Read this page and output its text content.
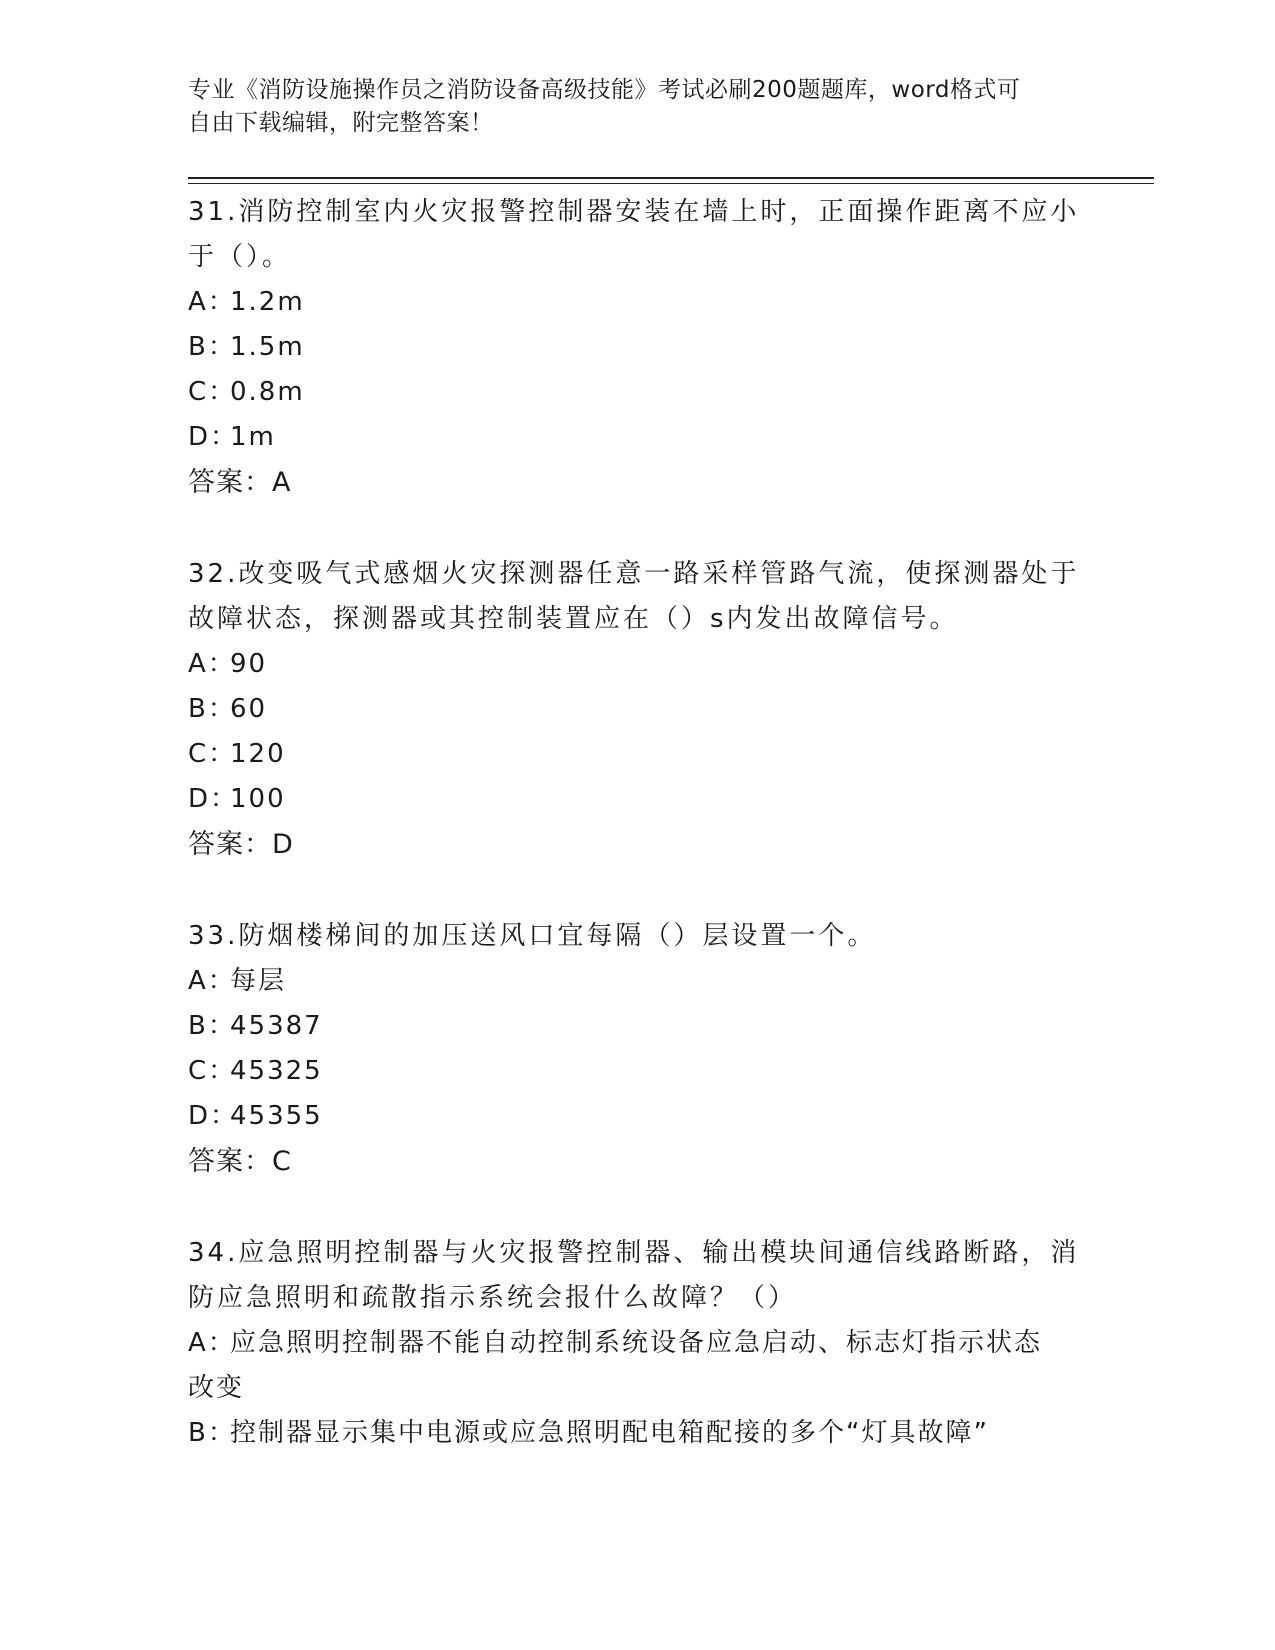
专业《消防设施操作员之消防设备高级技能》考试必刷200题题库，word格式可
自由下载编辑，附完整答案！

31.消防控制室内火灾报警控制器安装在墙上时，正面操作距离不应小

于（）。

A：1.2m

B：1.5m

C：0.8m

D：1m

答案：A

32.改变吸气式感烟火灾探测器任意一路采样管路气流，使探测器处于

故障状态，探测器或其控制装置应在（）s内发出故障信号。

A：90

B：60

C：120

D：100

答案：D

33.防烟楼梯间的加压送风口宜每隔（）层设置一个。

A：每层

B：45387

C：45325

D：45355

答案：C

34.应急照明控制器与火灾报警控制器、输出模块间通信线路断路，消

防应急照明和疏散指示系统会报什么故障？（）

A：应急照明控制器不能自动控制系统设备应急启动、标志灯指示状态

改变

B：控制器显示集中电源或应急照明配电箱配接的多个“灯具故障”
